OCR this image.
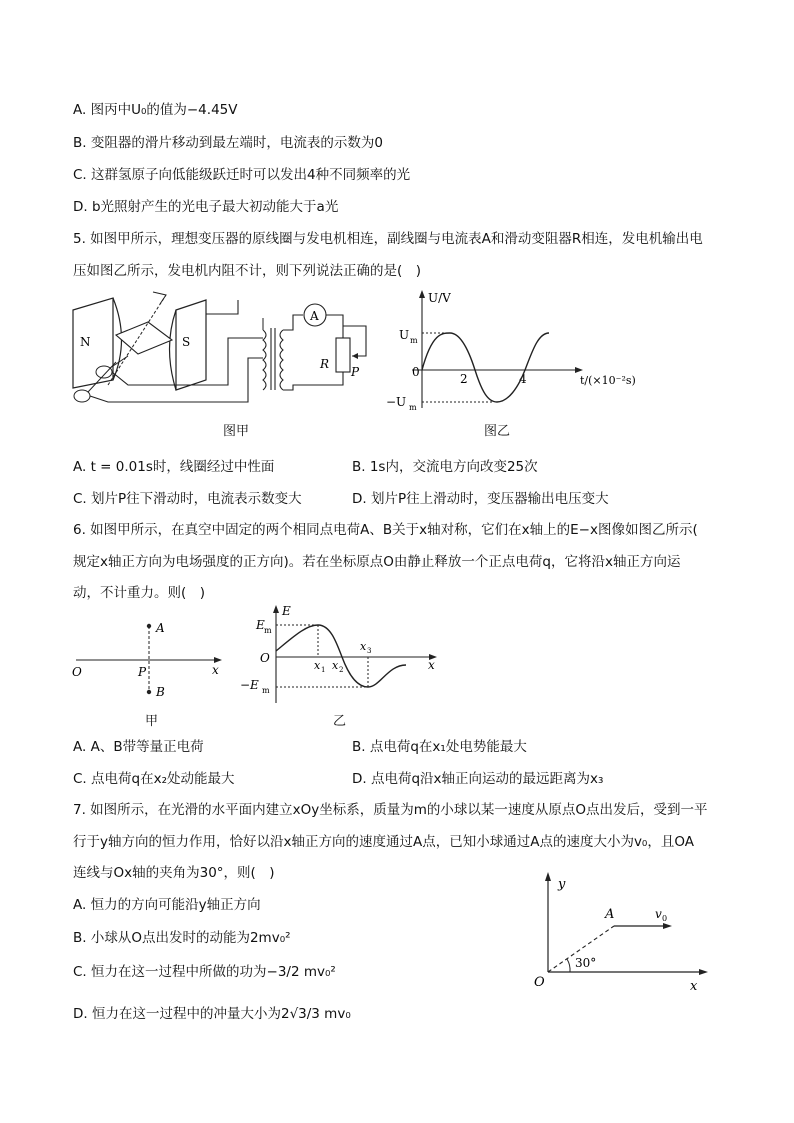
A. 图丙中U₀的值为−4.45V
B. 变阻器的滑片移动到最左端时，电流表的示数为0
C. 这群氢原子向低能级跃迁时可以发出4种不同频率的光
D. b光照射产生的光电子最大初动能大于a光
5. 如图甲所示，理想变压器的原线圈与发电机相连，副线圈与电流表A和滑动变阻器R相连，发电机输出电
压如图乙所示，发电机内阻不计，则下列说法正确的是(　)
N	S
A
R
P
图甲
U/V
t/(×10⁻²s)
U m
−U m
0	2	4
图乙
A. t = 0.01s时，线圈经过中性面	B. 1s内，交流电方向改变25次
C. 划片P往下滑动时，电流表示数变大	D. 划片P往上滑动时，变压器输出电压变大
6. 如图甲所示，在真空中固定的两个相同点电荷A、B关于x轴对称，它们在x轴上的E−x图像如图乙所示(
规定x轴正方向为电场强度的正方向)。若在坐标原点O由静止释放一个正点电荷q，它将沿x轴正方向运
动，不计重力。则(　)
A
B
O	P	x
甲
E
E m
−E m
O	x
x 1 x 2
x 3
乙
A. A、B带等量正电荷	B. 点电荷q在x₁处电势能最大
C. 点电荷q在x₂处动能最大	D. 点电荷q沿x轴正向运动的最远距离为x₃
7. 如图所示，在光滑的水平面内建立xOy坐标系，质量为m的小球以某一速度从原点O点出发后，受到一平
行于y轴方向的恒力作用，恰好以沿x轴正方向的速度通过A点，已知小球通过A点的速度大小为v₀，且OA
连线与Ox轴的夹角为30°，则(　)
A. 恒力的方向可能沿y轴正方向
B. 小球从O点出发时的动能为2mv₀²
C. 恒力在这一过程中所做的功为−3/2 mv₀²
D. 恒力在这一过程中的冲量大小为2√3/3 mv₀
y
x
O
A	v 0
30°
